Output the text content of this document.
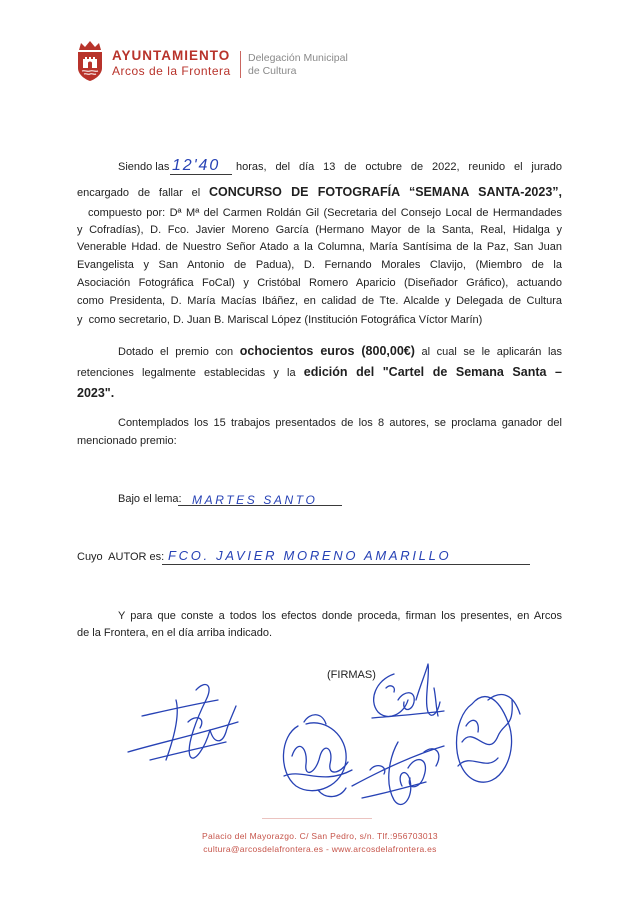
AYUNTAMIENTO
Arcos de la Frontera
Delegación Municipal
de Cultura
Siendo las 12'40 horas, del día 13 de octubre de 2022, reunido el jurado
encargado de fallar el CONCURSO DE FOTOGRAFÍA “SEMANA SANTA-2023”,
compuesto por: Dª Mª del Carmen Roldán Gil (Secretaria del Consejo Local de Hermandades
y Cofradías), D. Fco. Javier Moreno García (Hermano Mayor de la Santa, Real, Hidalga y
Venerable Hdad. de Nuestro Señor Atado a la Columna, María Santísima de la Paz, San Juan
Evangelista y San Antonio de Padua), D. Fernando Morales Clavijo, (Miembro de la
Asociación Fotográfica FoCal) y Cristóbal Romero Aparicio (Diseñador Gráfico), actuando
como Presidenta, D. María Macías Ibáñez, en calidad de Tte. Alcalde y Delegada de Cultura
y  como secretario, D. Juan B. Mariscal López (Institución Fotográfica Víctor Marín)
Dotado el premio con ochocientos euros (800,00€) al cual se le aplicarán las
retenciones legalmente establecidas y la edición del "Cartel de Semana Santa –
2023".
Contemplados los 15 trabajos presentados de los 8 autores, se proclama ganador del
mencionado premio:
Bajo el lema: MARTES SANTO
Cuyo  AUTOR es: FCO. JAVIER MORENO AMARILLO
Y para que conste a todos los efectos donde proceda, firman los presentes, en Arcos
de la Frontera, en el día arriba indicado.
(FIRMAS)
Palacio del Mayorazgo. C/ San Pedro, s/n. Tlf.:956703013
cultura@arcosdelafrontera.es - www.arcosdelafrontera.es
